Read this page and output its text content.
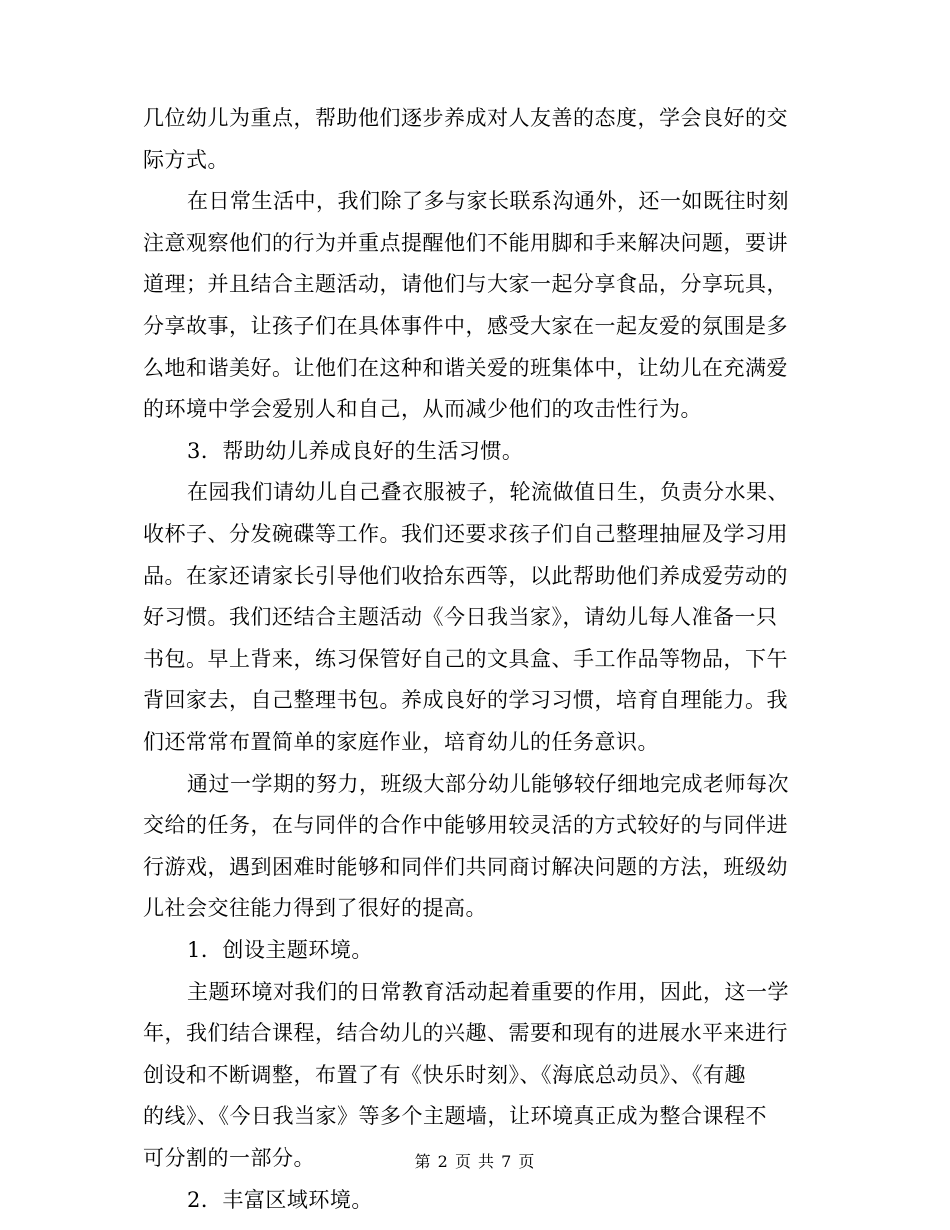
几位幼儿为重点，帮助他们逐步养成对人友善的态度，学会良好的交
际方式。
在日常生活中，我们除了多与家长联系沟通外，还一如既往时刻
注意观察他们的行为并重点提醒他们不能用脚和手来解决问题，要讲
道理；并且结合主题活动，请他们与大家一起分享食品，分享玩具，
分享故事，让孩子们在具体事件中，感受大家在一起友爱的氛围是多
么地和谐美好。让他们在这种和谐关爱的班集体中，让幼儿在充满爱
的环境中学会爱别人和自己，从而减少他们的攻击性行为。
3．帮助幼儿养成良好的生活习惯。
在园我们请幼儿自己叠衣服被子，轮流做值日生，负责分水果、
收杯子、分发碗碟等工作。我们还要求孩子们自己整理抽屉及学习用
品。在家还请家长引导他们收拾东西等，以此帮助他们养成爱劳动的
好习惯。我们还结合主题活动《今日我当家》，请幼儿每人准备一只
书包。早上背来，练习保管好自己的文具盒、手工作品等物品，下午
背回家去，自己整理书包。养成良好的学习习惯，培育自理能力。我
们还常常布置简单的家庭作业，培育幼儿的任务意识。
通过一学期的努力，班级大部分幼儿能够较仔细地完成老师每次
交给的任务，在与同伴的合作中能够用较灵活的方式较好的与同伴进
行游戏，遇到困难时能够和同伴们共同商讨解决问题的方法，班级幼
儿社会交往能力得到了很好的提高。
1．创设主题环境。
主题环境对我们的日常教育活动起着重要的作用，因此，这一学
年，我们结合课程，结合幼儿的兴趣、需要和现有的进展水平来进行
创设和不断调整，布置了有《快乐时刻》、《海底总动员》、《有趣
的线》、《今日我当家》等多个主题墙，让环境真正成为整合课程不
可分割的一部分。
2．丰富区域环境。
第 2 页 共 7 页
